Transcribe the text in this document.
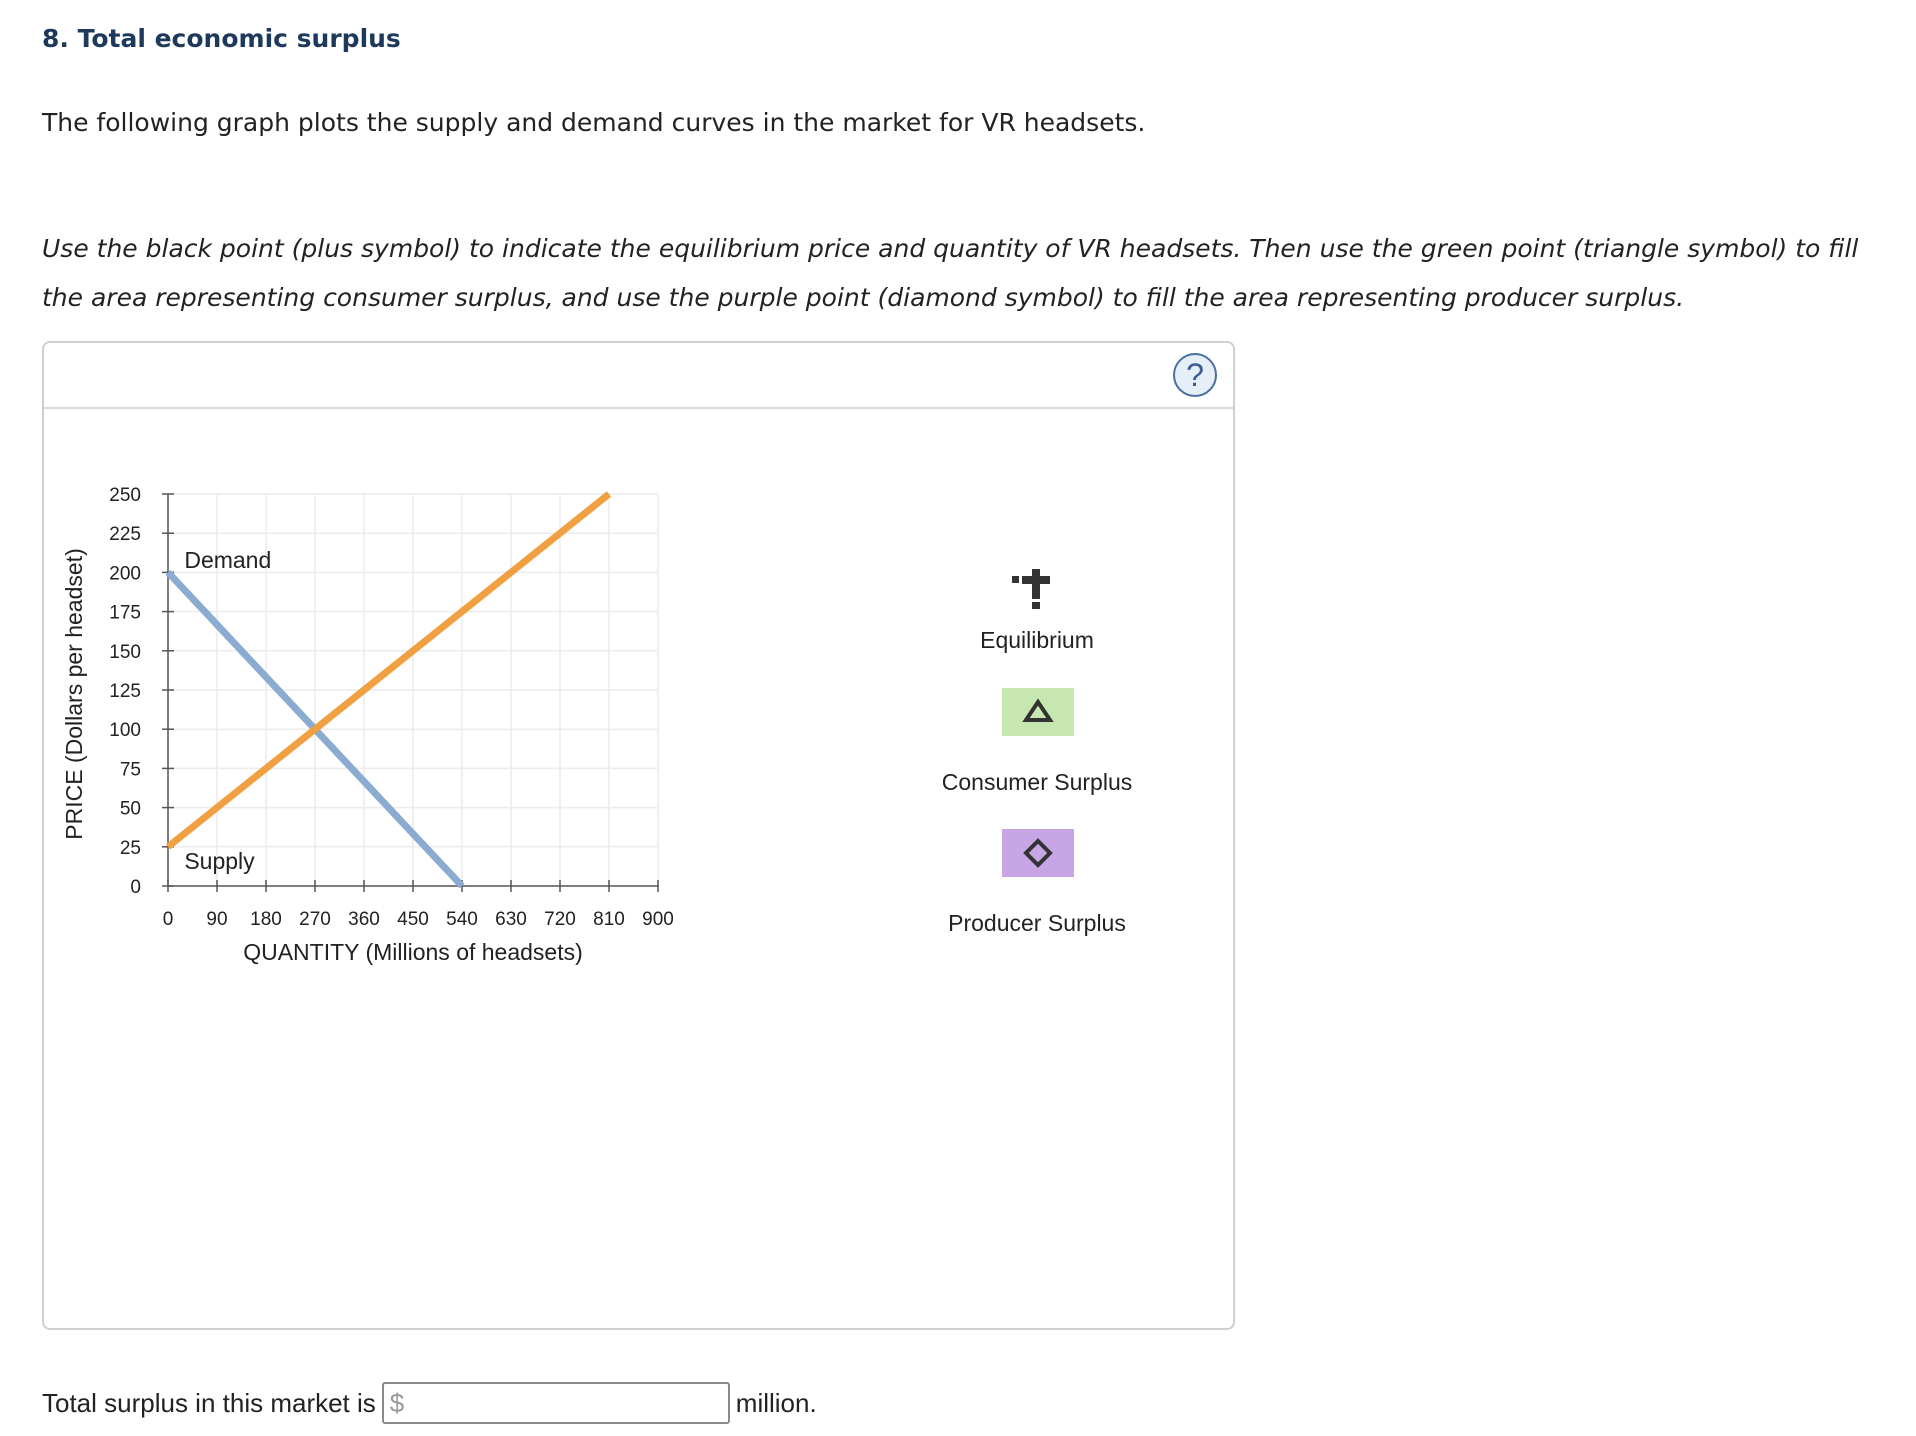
8. Total economic surplus
The following graph plots the supply and demand curves in the market for VR headsets.
Use the black point (plus symbol) to indicate the equilibrium price and quantity of VR headsets. Then use the green point (triangle symbol) to fill the area representing consumer surplus, and use the purple point (diamond symbol) to fill the area representing producer surplus.
?
0
25
50
75
100
125
150
175
200
225
250
0 90 180 270 360 450 540 630 720 810 900
Demand
Supply
QUANTITY (Millions of headsets)
PRICE (Dollars per headset)	Equilibrium
Consumer Surplus
Producer Surplus
Total surplus in this market is $	million.
